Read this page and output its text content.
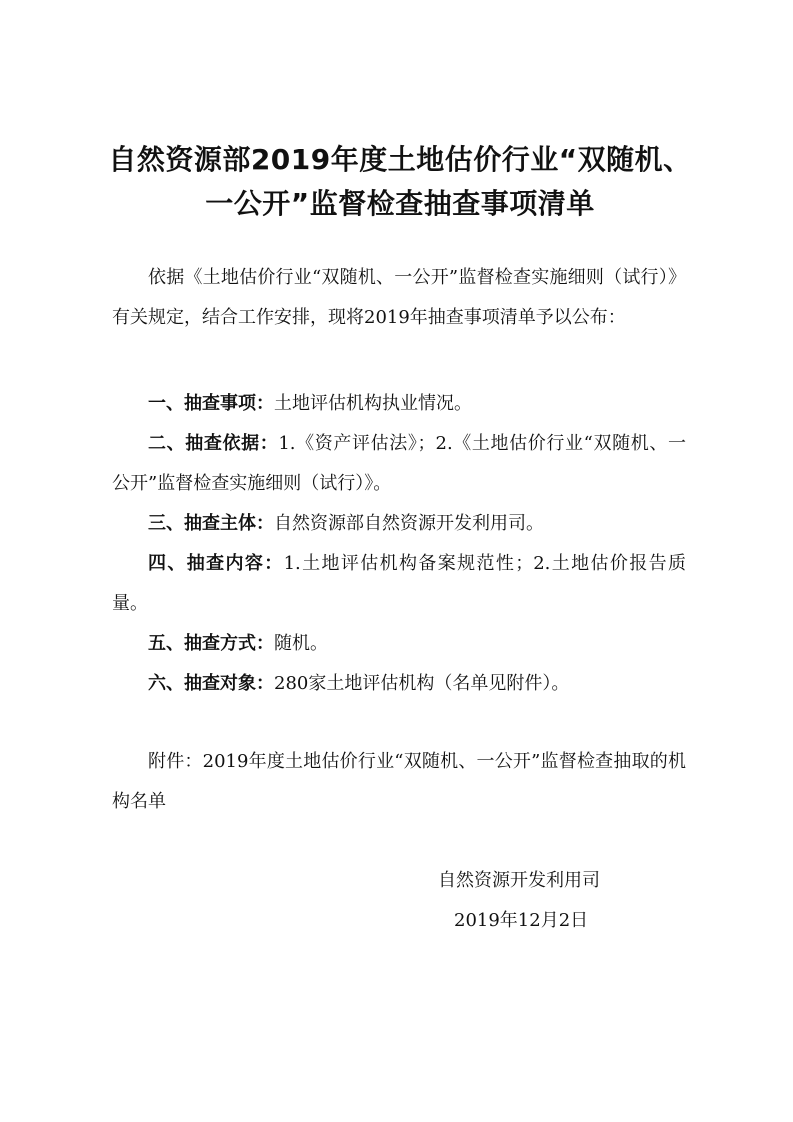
自然资源部2019年度土地估价行业“双随机、一公开”监督检查抽查事项清单

依据《土地估价行业“双随机、一公开”监督检查实施细则（试行）》有关规定，结合工作安排，现将2019年抽查事项清单予以公布：

一、抽查事项：土地评估机构执业情况。

二、抽查依据：1.《资产评估法》；2.《土地估价行业“双随机、一公开”监督检查实施细则（试行）》。

三、抽查主体：自然资源部自然资源开发利用司。

四、抽查内容：1.土地评估机构备案规范性；2.土地估价报告质量。

五、抽查方式：随机。

六、抽查对象：280家土地评估机构（名单见附件）。

附件：2019年度土地估价行业“双随机、一公开”监督检查抽取的机构名单

自然资源开发利用司

2019年12月2日
